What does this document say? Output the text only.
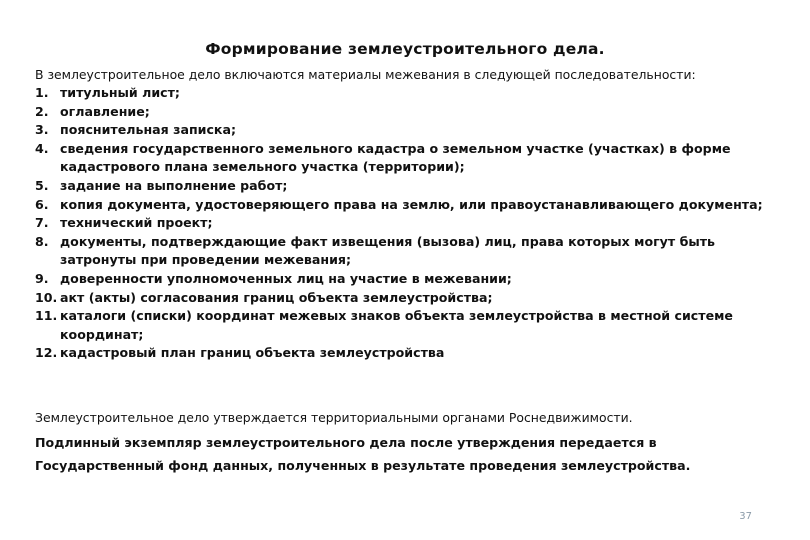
Формирование землеустроительного дела.
В землеустроительное дело включаются материалы межевания в следующей последовательности:
1. титульный лист;
2. оглавление;
3. пояснительная записка;
4. сведения государственного земельного кадастра о земельном участке (участках) в форме кадастрового плана земельного участка (территории);
5. задание на выполнение работ;
6. копия документа, удостоверяющего права на землю, или правоустанавливающего документа;
7. технический проект;
8. документы, подтверждающие факт извещения (вызова) лиц, права которых могут быть затронуты при проведении межевания;
9. доверенности уполномоченных лиц на участие в межевании;
10. акт (акты) согласования границ объекта землеустройства;
11. каталоги (списки) координат межевых знаков объекта землеустройства в местной системе координат;
12. кадастровый план границ объекта землеустройства
Землеустроительное дело утверждается территориальными органами Роснедвижимости.
Подлинный экземпляр землеустроительного дела после утверждения передается в Государственный фонд данных, полученных в результате проведения землеустройства.
37
